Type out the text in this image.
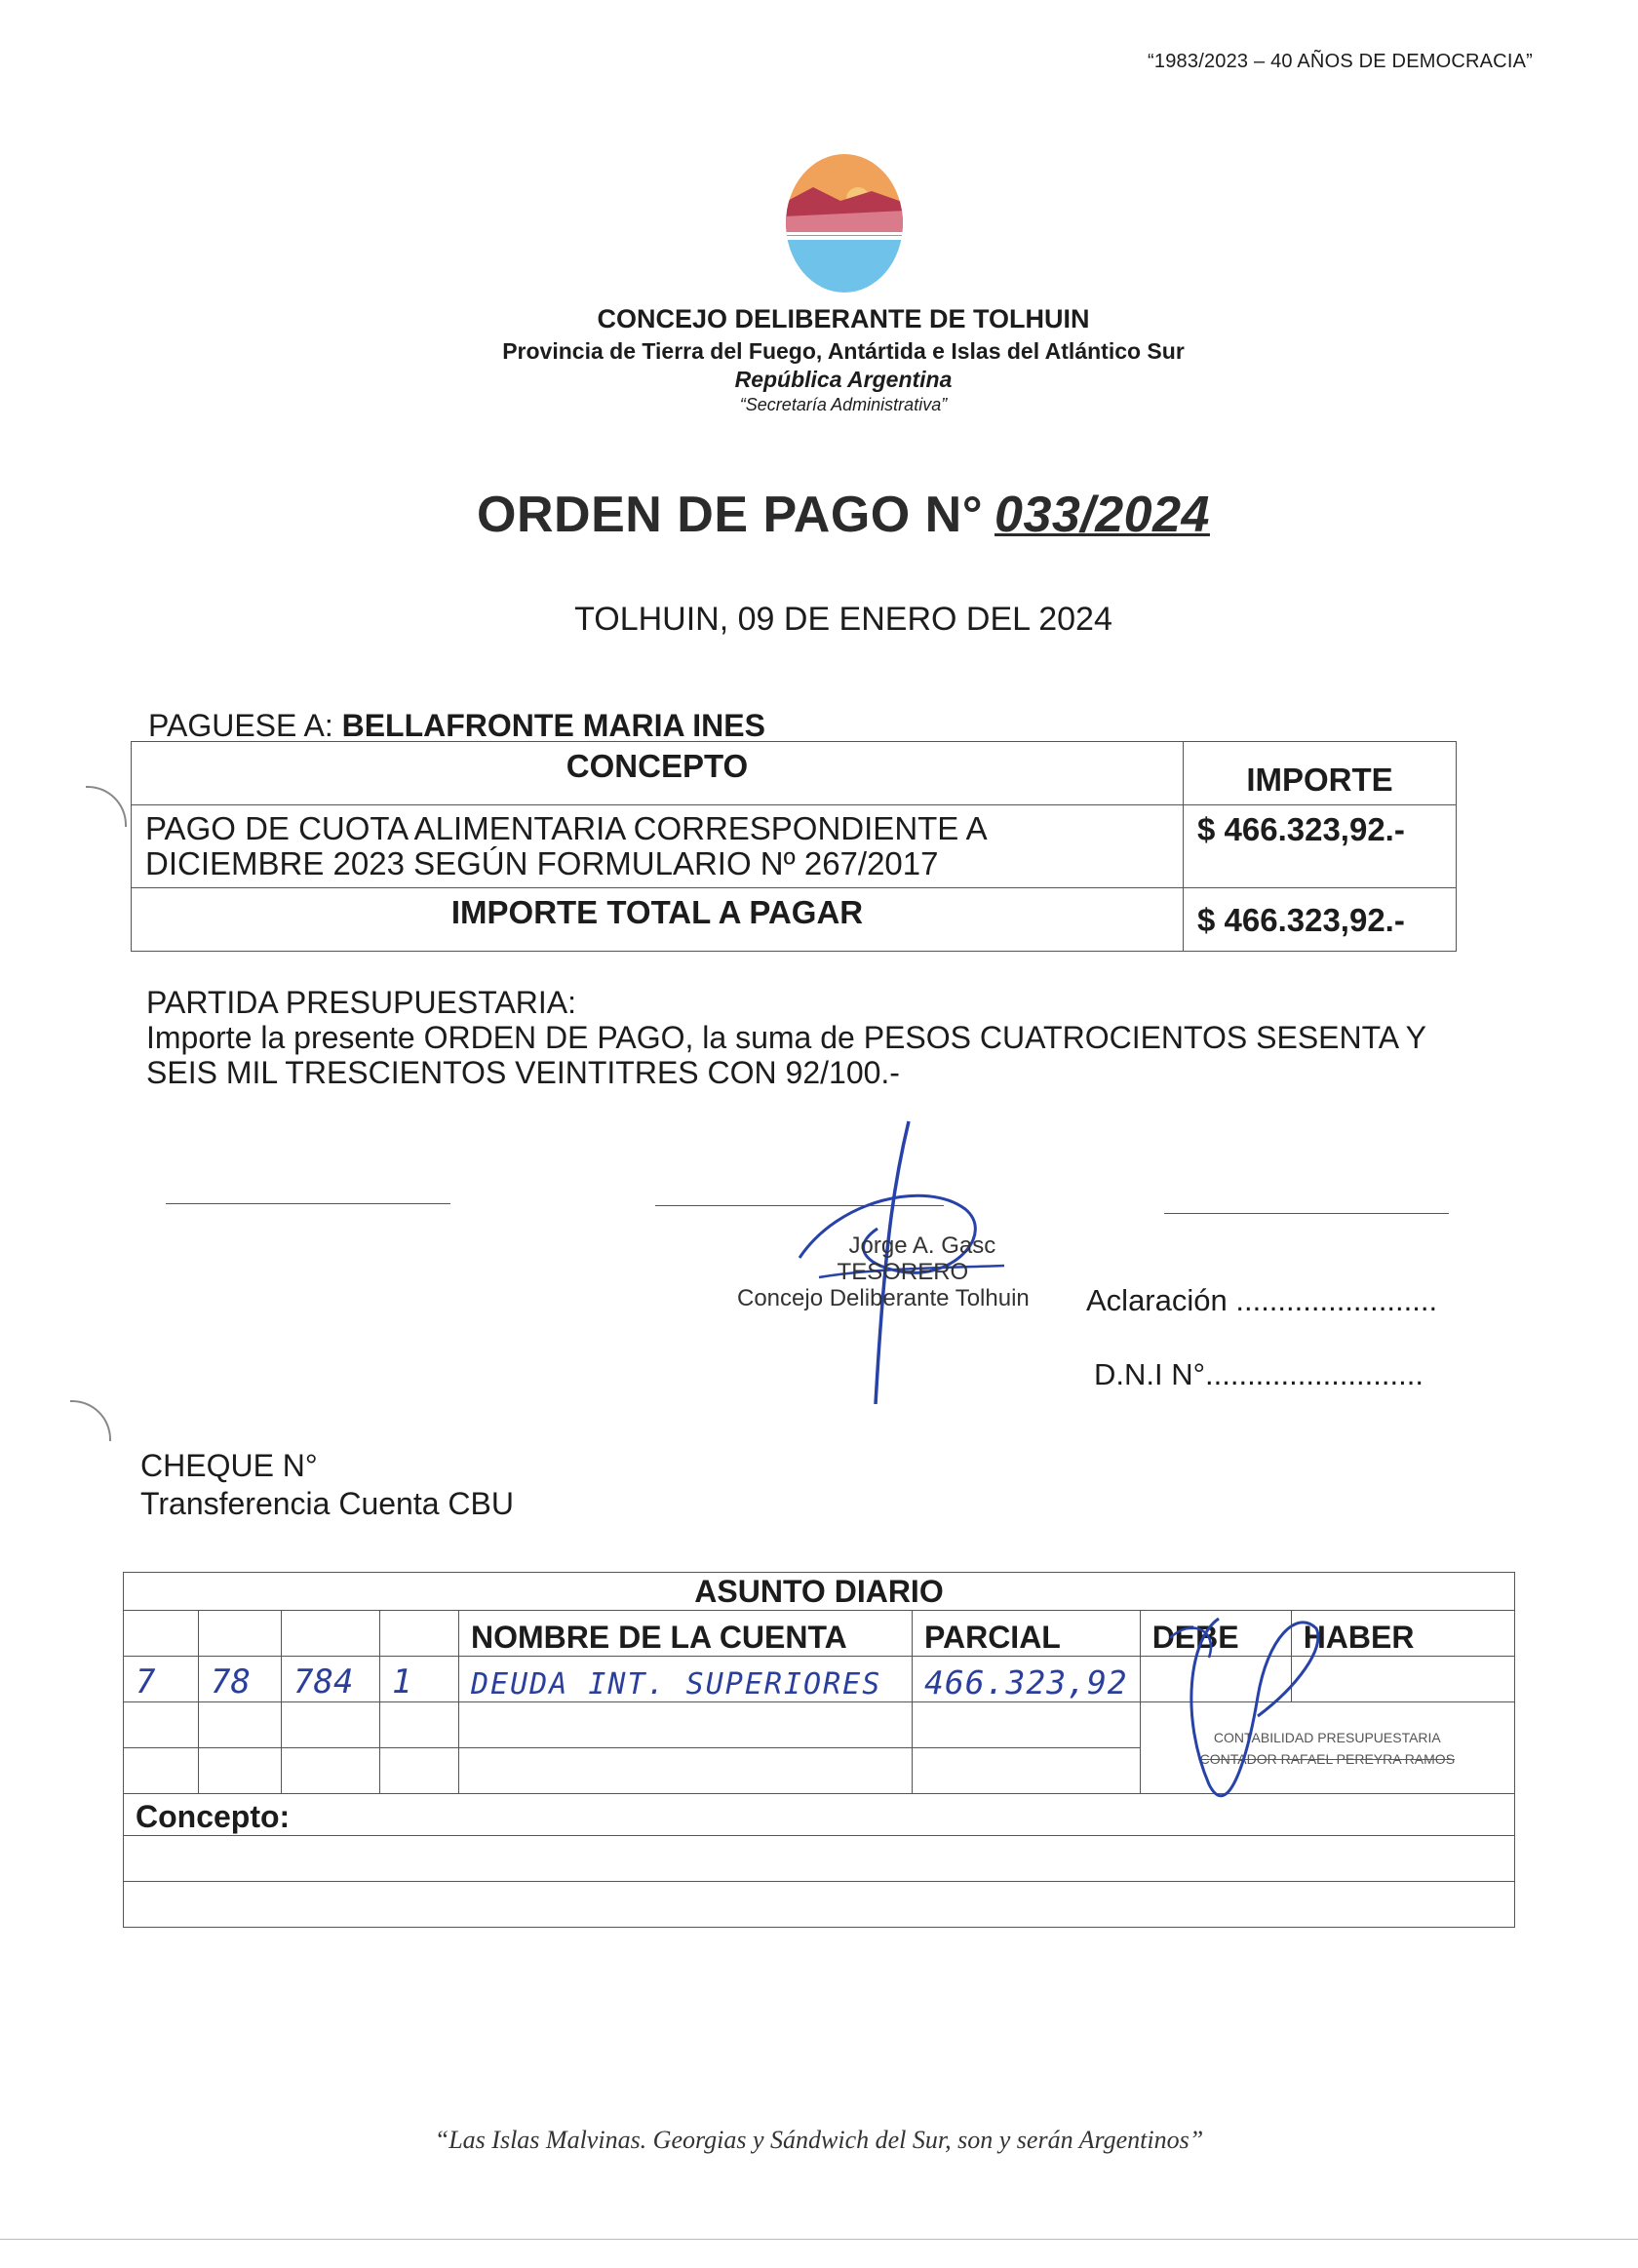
“1983/2023 – 40 AÑOS DE DEMOCRACIA”
CONCEJO DELIBERANTE DE TOLHUIN
Provincia de Tierra del Fuego, Antártida e Islas del Atlántico Sur
República Argentina
“Secretaría Administrativa”
ORDEN DE PAGO N° 033/2024
TOLHUIN, 09 DE ENERO DEL 2024
PAGUESE A: BELLAFRONTE MARIA INES
CONCEPTO	IMPORTE

PAGO DE CUOTA ALIMENTARIA CORRESPONDIENTE A
DICIEMBRE 2023 SEGÚN FORMULARIO Nº 267/2017	$ 466.323,92.-
IMPORTE TOTAL A PAGAR	$ 466.323,92.-
PARTIDA PRESUPUESTARIA:
Importe la presente ORDEN DE PAGO, la suma de PESOS CUATROCIENTOS SESENTA Y
SEIS MIL TRESCIENTOS VEINTITRES CON 92/100.-
Jorge A. Gasc
TESORERO
Concejo Deliberante Tolhuin Aclaración ........................
D.N.I N°..........................
CHEQUE N°
Transferencia Cuenta CBU
ASUNTO DIARIO							
				NOMBRE DE LA CUENTA	PARCIAL	DEBE	HABER
7	78	784	1	DEUDA INT. SUPERIORES	466.323,92		

						CONTABILIDAD PRESUPUESTARIA
CONTADOR RAFAEL PEREYRA RAMOS	

Concepto:							

“Las Islas Malvinas. Georgias y Sándwich del Sur, son y serán Argentinos”
